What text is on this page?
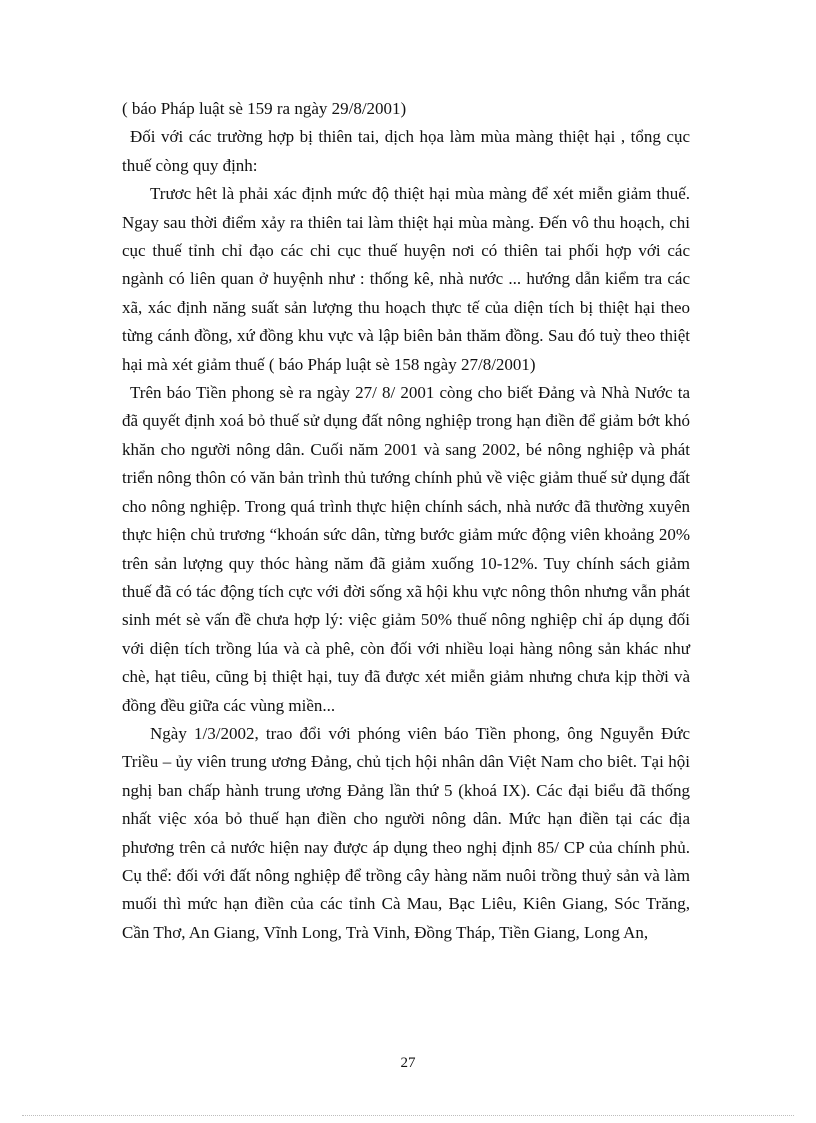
( báo Pháp luật sè 159 ra ngày 29/8/2001)

Đối với các trường hợp bị thiên tai, dịch họa làm mùa màng thiệt hại , tổng cục thuế còng quy định:

Trươc hêt là phải xác định mức độ thiệt hại mùa màng để xét miễn giảm thuế. Ngay sau thời điểm xảy ra thiên tai làm thiệt hại mùa màng. Đến vô thu hoạch, chi cục thuế tỉnh chỉ đạo các chi cục thuế huyện nơi có thiên tai phối hợp với các ngành có liên quan ở huyệnh như : thống kê, nhà nước ... hướng dẫn kiểm tra các xã, xác định năng suất sản lượng thu hoạch thực tế của diện tích bị thiệt hại theo từng cánh đồng, xứ đồng khu vực và lập biên bản thăm đồng. Sau đó tuỳ theo thiệt hại mà xét giảm thuế ( báo Pháp luật sè 158 ngày 27/8/2001)

Trên báo Tiền phong sè ra ngày 27/ 8/ 2001 còng cho biết Đảng và Nhà Nước ta đã quyết định xoá bỏ thuế sử dụng đất nông nghiệp trong hạn điền để giảm bớt khó khăn cho người nông dân. Cuối năm 2001 và sang 2002, bé nông nghiệp và phát triển nông thôn có văn bản trình thủ tướng chính phủ về việc giảm thuế sử dụng đất cho nông nghiệp. Trong quá trình thực hiện chính sách, nhà nước đã thường xuyên thực hiện chủ trương “khoán sức dân, từng bước giảm mức động viên khoảng 20% trên sản lượng quy thóc hàng năm đã giảm xuống 10-12%. Tuy chính sách giảm thuế đã có tác động tích cực với đời sống xã hội khu vực nông thôn nhưng vẫn phát sinh mét sè vấn đề chưa hợp lý: việc giảm 50% thuế nông nghiệp chỉ áp dụng đối với diện tích trồng lúa và cà phê, còn đối với nhiều loại hàng nông sản khác như chè, hạt tiêu, cũng bị thiệt hại, tuy đã được xét miễn giảm nhưng chưa kịp thời và đồng đều giữa các vùng miền...

Ngày 1/3/2002, trao đổi với phóng viên báo Tiền phong, ông Nguyễn Đức Triều – ủy viên trung ương Đảng, chủ tịch hội nhân dân Việt Nam cho biêt. Tại hội nghị ban chấp hành trung ương Đảng lần thứ 5 (khoá IX). Các đại biểu đã thống nhất việc xóa bỏ thuế hạn điền cho người nông dân. Mức hạn điền tại các địa phương trên cả nước hiện nay được áp dụng theo nghị định 85/ CP của chính phủ. Cụ thể: đối với đất nông nghiệp để trồng cây hàng năm nuôi trồng thuỷ sản và làm muối thì mức hạn điền của các tỉnh Cà Mau, Bạc Liêu, Kiên Giang, Sóc Trăng, Cần Thơ, An Giang, Vĩnh Long, Trà Vinh, Đồng Tháp, Tiền Giang, Long An,

27
